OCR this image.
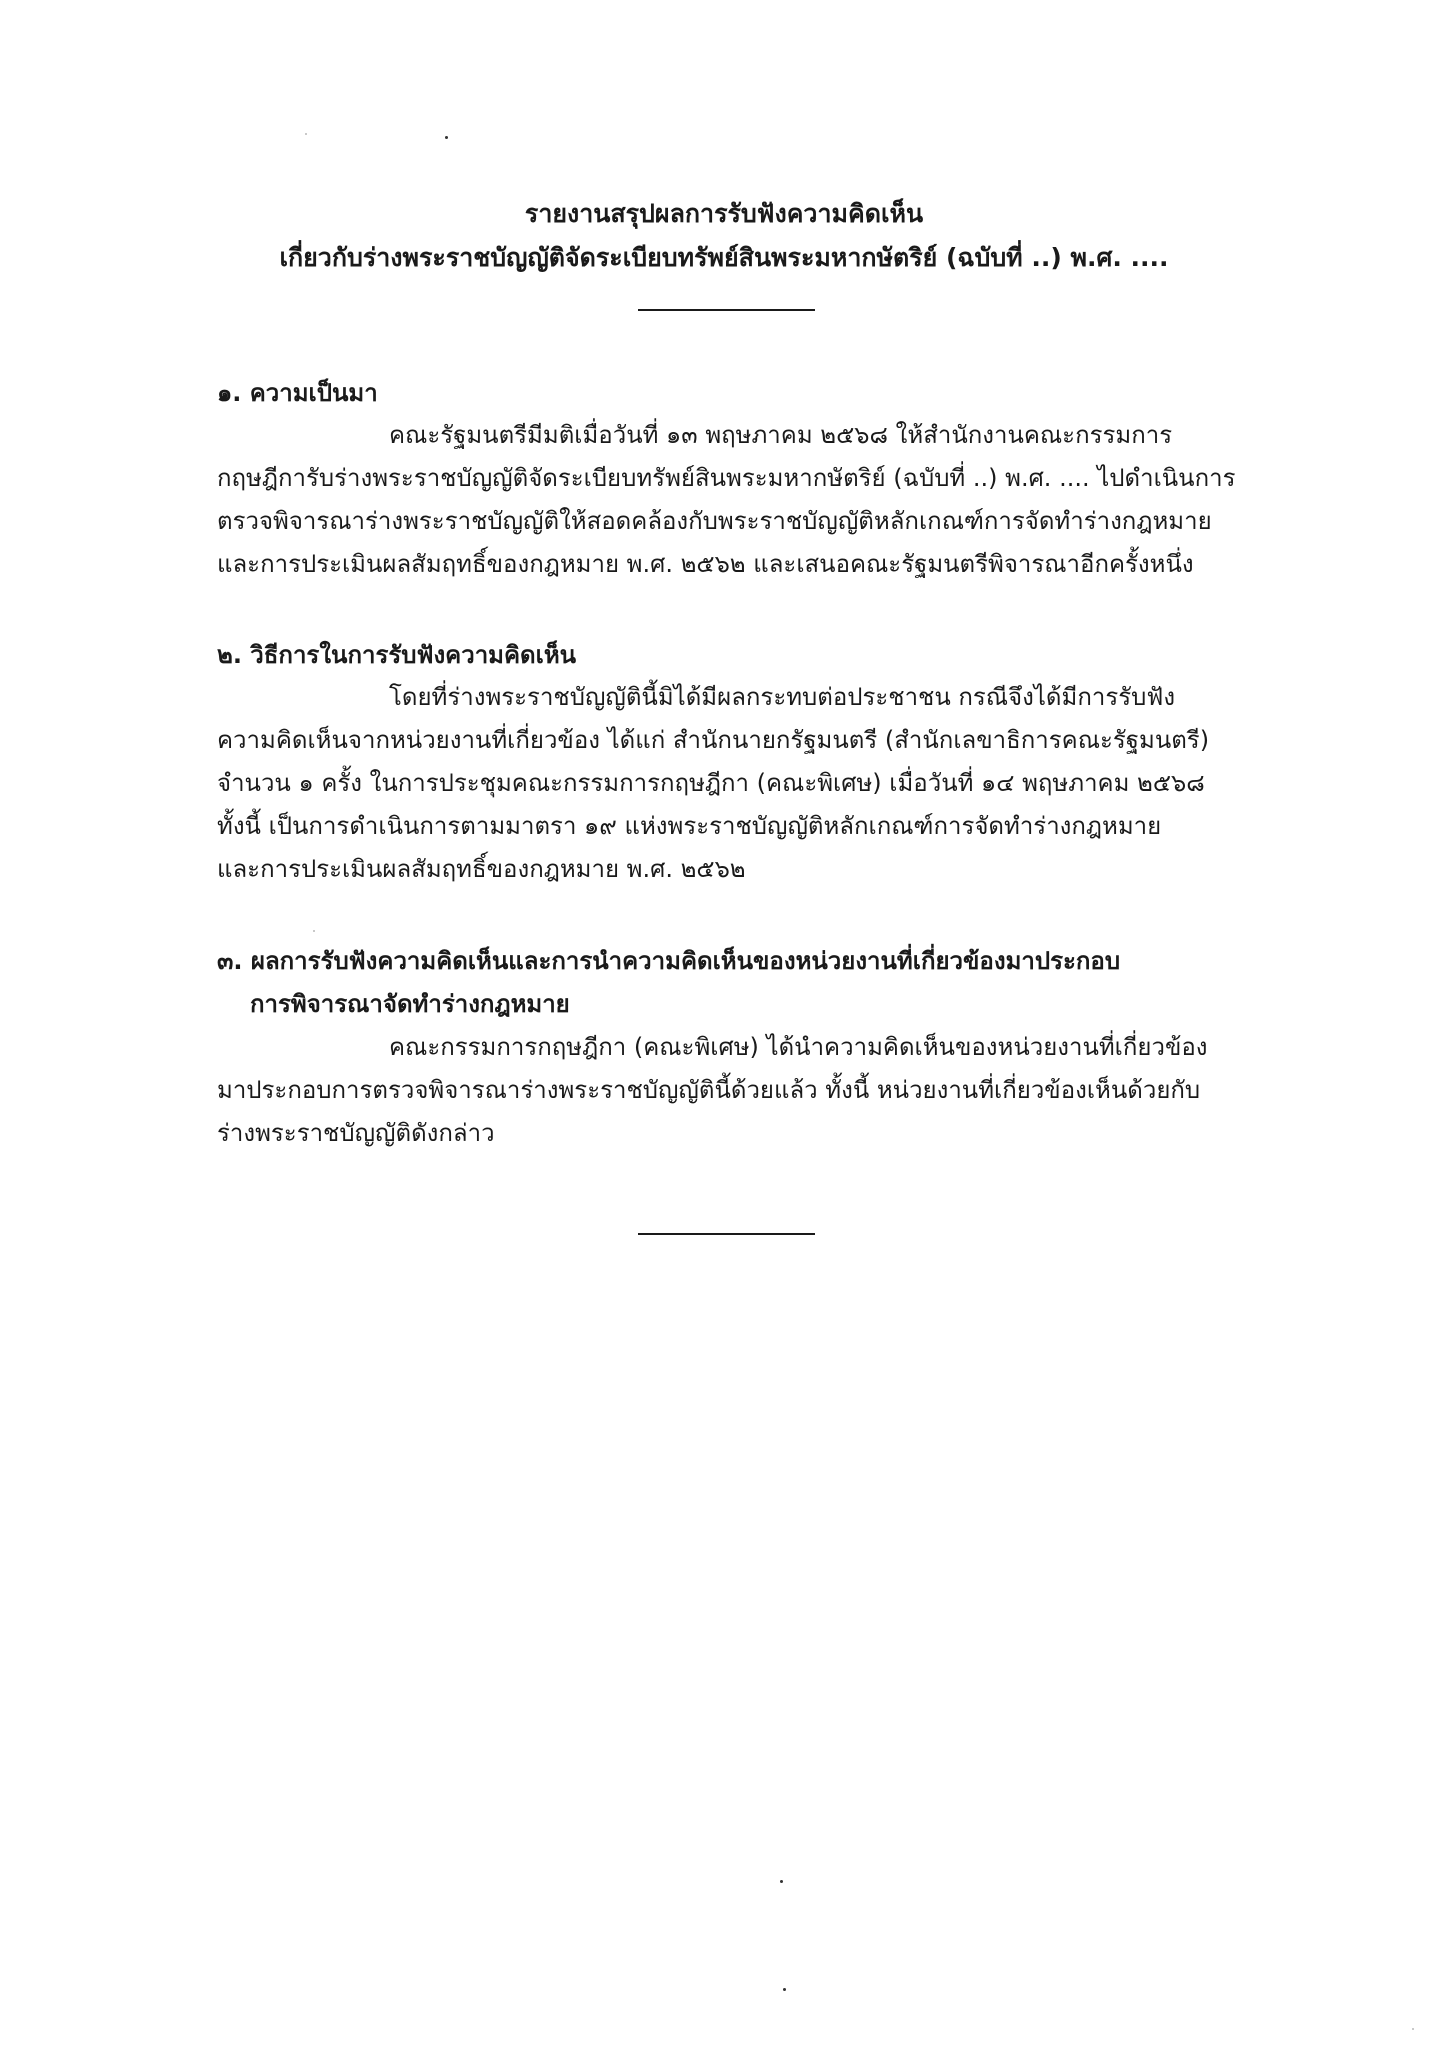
รายงานสรุปผลการรับฟังความคิดเห็น
เกี่ยวกับร่างพระราชบัญญัติจัดระเบียบทรัพย์สินพระมหากษัตริย์ (ฉบับที่ ..) พ.ศ. ....
๑. ความเป็นมา
คณะรัฐมนตรีมีมติเมื่อวันที่ ๑๓ พฤษภาคม ๒๕๖๘ ให้สำนักงานคณะกรรมการ
กฤษฎีการับร่างพระราชบัญญัติจัดระเบียบทรัพย์สินพระมหากษัตริย์ (ฉบับที่ ..) พ.ศ. .... ไปดำเนินการ
ตรวจพิจารณาร่างพระราชบัญญัติให้สอดคล้องกับพระราชบัญญัติหลักเกณฑ์การจัดทำร่างกฎหมาย
และการประเมินผลสัมฤทธิ์ของกฎหมาย พ.ศ. ๒๕๖๒ และเสนอคณะรัฐมนตรีพิจารณาอีกครั้งหนึ่ง
๒. วิธีการในการรับฟังความคิดเห็น
โดยที่ร่างพระราชบัญญัตินี้มิได้มีผลกระทบต่อประชาชน กรณีจึงได้มีการรับฟัง
ความคิดเห็นจากหน่วยงานที่เกี่ยวข้อง ได้แก่ สำนักนายกรัฐมนตรี (สำนักเลขาธิการคณะรัฐมนตรี)
จำนวน ๑ ครั้ง ในการประชุมคณะกรรมการกฤษฎีกา (คณะพิเศษ) เมื่อวันที่ ๑๔ พฤษภาคม ๒๕๖๘
ทั้งนี้ เป็นการดำเนินการตามมาตรา ๑๙ แห่งพระราชบัญญัติหลักเกณฑ์การจัดทำร่างกฎหมาย
และการประเมินผลสัมฤทธิ์ของกฎหมาย พ.ศ. ๒๕๖๒
๓. ผลการรับฟังความคิดเห็นและการนำความคิดเห็นของหน่วยงานที่เกี่ยวข้องมาประกอบ
การพิจารณาจัดทำร่างกฎหมาย
คณะกรรมการกฤษฎีกา (คณะพิเศษ) ได้นำความคิดเห็นของหน่วยงานที่เกี่ยวข้อง
มาประกอบการตรวจพิจารณาร่างพระราชบัญญัตินี้ด้วยแล้ว ทั้งนี้ หน่วยงานที่เกี่ยวข้องเห็นด้วยกับ
ร่างพระราชบัญญัติดังกล่าว
